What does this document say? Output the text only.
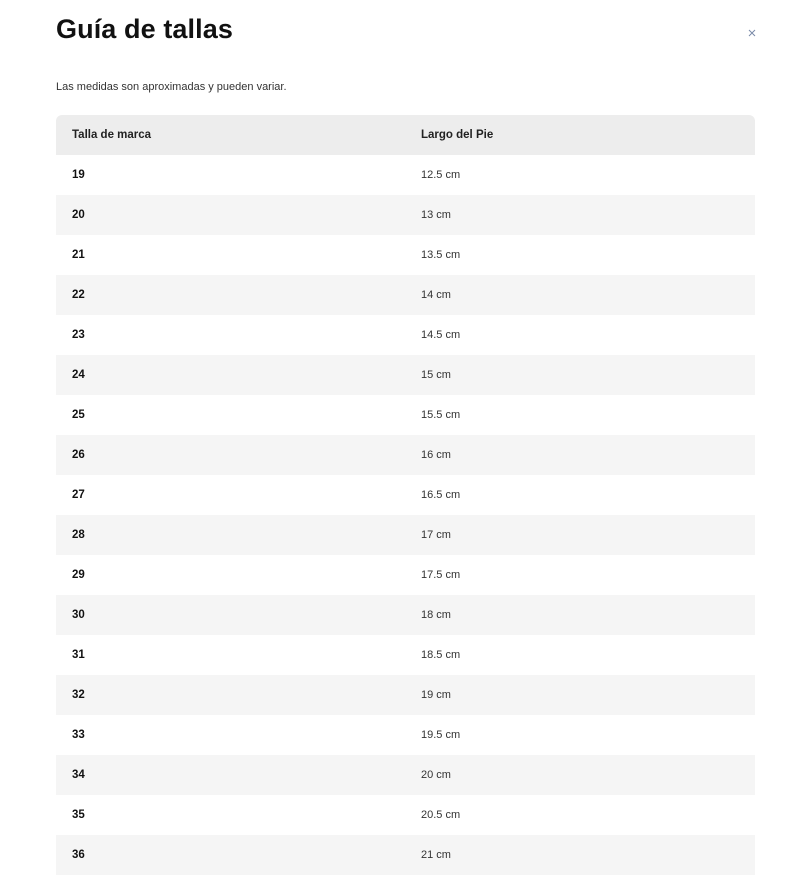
Guía de tallas

Las medidas son aproximadas y pueden variar.

Talla de marca	Largo del Pie
19	12.5 cm
20	13 cm
21	13.5 cm
22	14 cm
23	14.5 cm
24	15 cm
25	15.5 cm
26	16 cm
27	16.5 cm
28	17 cm
29	17.5 cm
30	18 cm
31	18.5 cm
32	19 cm
33	19.5 cm
34	20 cm
35	20.5 cm
36	21 cm
